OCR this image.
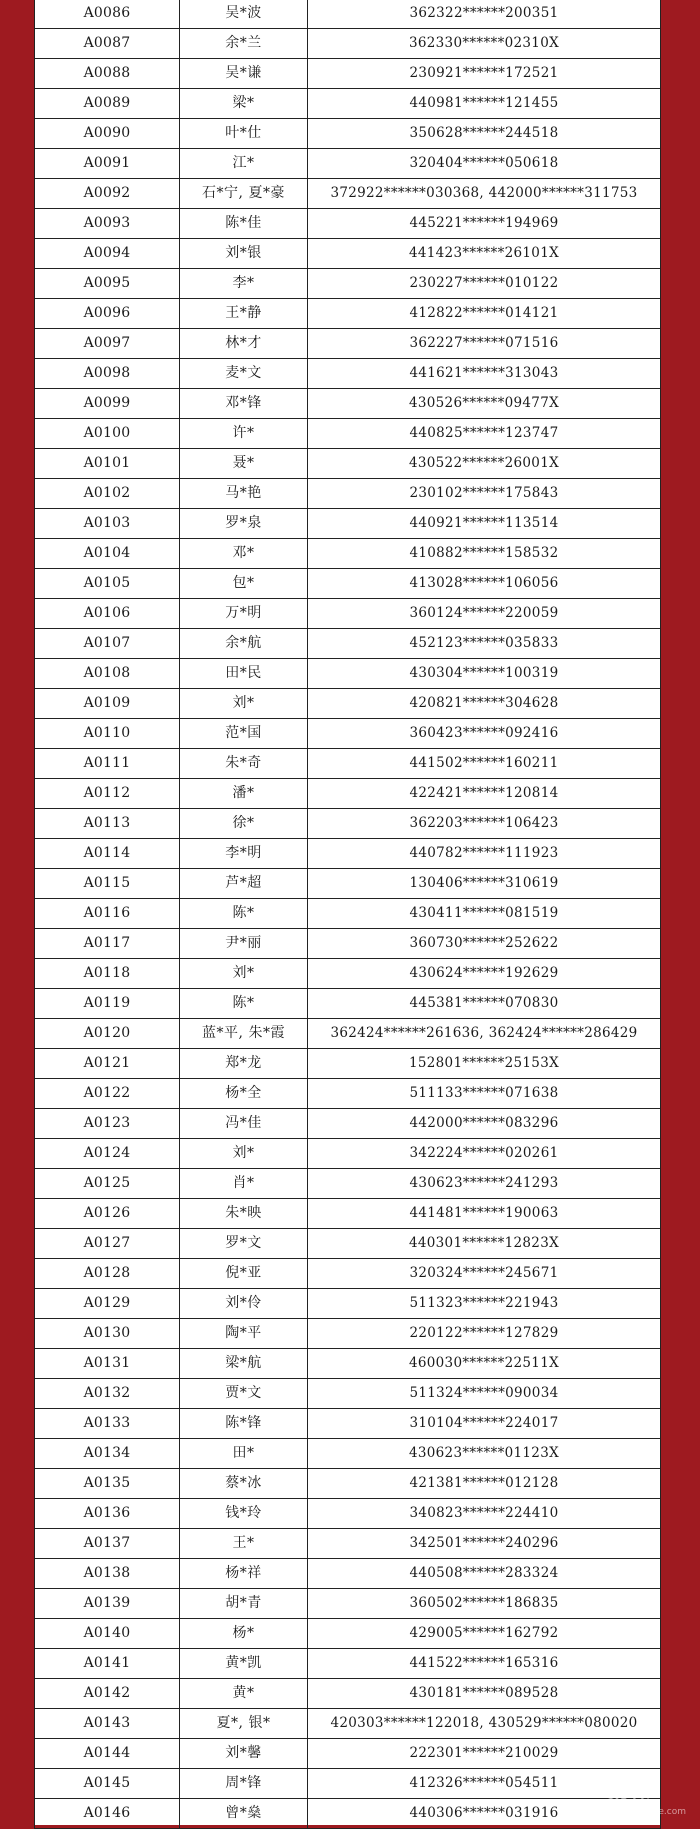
A0086	吴*波	362322******200351
A0087	余*兰	362330******02310X
A0088	吴*谦	230921******172521
A0089	梁*	440981******121455
A0090	叶*仕	350628******244518
A0091	江*	320404******050618
A0092	石*宁, 夏*豪	372922******030368, 442000******311753
A0093	陈*佳	445221******194969
A0094	刘*银	441423******26101X
A0095	李*	230227******010122
A0096	王*静	412822******014121
A0097	林*才	362227******071516
A0098	麦*文	441621******313043
A0099	邓*锋	430526******09477X
A0100	许*	440825******123747
A0101	聂*	430522******26001X
A0102	马*艳	230102******175843
A0103	罗*泉	440921******113514
A0104	邓*	410882******158532
A0105	包*	413028******106056
A0106	万*明	360124******220059
A0107	余*航	452123******035833
A0108	田*民	430304******100319
A0109	刘*	420821******304628
A0110	范*国	360423******092416
A0111	朱*奇	441502******160211
A0112	潘*	422421******120814
A0113	徐*	362203******106423
A0114	李*明	440782******111923
A0115	芦*超	130406******310619
A0116	陈*	430411******081519
A0117	尹*丽	360730******252622
A0118	刘*	430624******192629
A0119	陈*	445381******070830
A0120	蓝*平, 朱*霞	362424******261636, 362424******286429
A0121	郑*龙	152801******25153X
A0122	杨*全	511133******071638
A0123	冯*佳	442000******083296
A0124	刘*	342224******020261
A0125	肖*	430623******241293
A0126	朱*映	441481******190063
A0127	罗*文	440301******12823X
A0128	倪*亚	320324******245671
A0129	刘*伶	511323******221943
A0130	陶*平	220122******127829
A0131	梁*航	460030******22511X
A0132	贾*文	511324******090034
A0133	陈*锋	310104******224017
A0134	田*	430623******01123X
A0135	蔡*冰	421381******012128
A0136	钱*玲	340823******224410
A0137	王*	342501******240296
A0138	杨*祥	440508******283324
A0139	胡*青	360502******186835
A0140	杨*	429005******162792
A0141	黄*凯	441522******165316
A0142	黄*	430181******089528
A0143	夏*, 银*	420303******122018, 430529******080020
A0144	刘*馨	222301******210029
A0145	周*锋	412326******054511
A0146	曾*燊	440306******031916
家在
www.szhome.com
